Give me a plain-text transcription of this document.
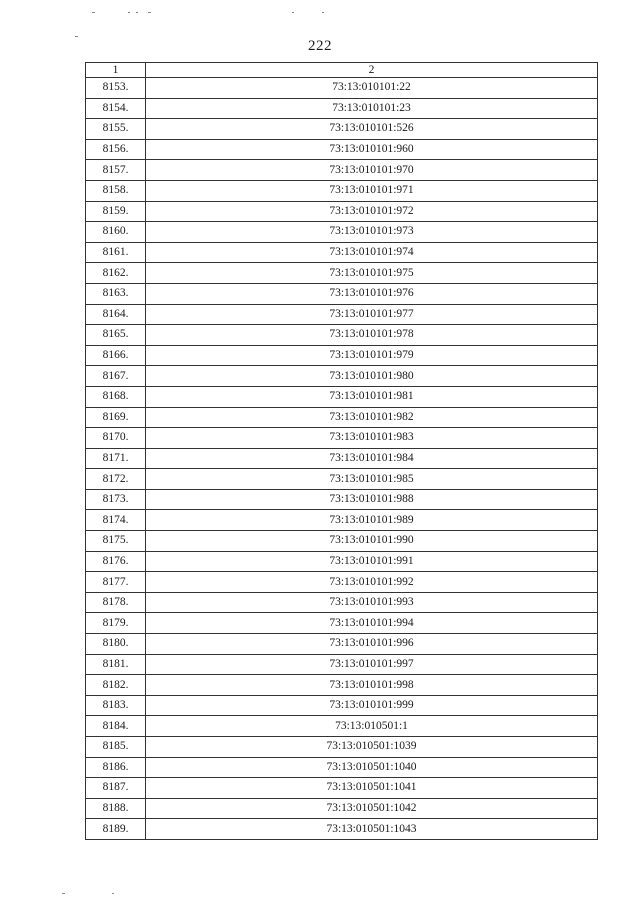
222
1	2
8153.	73:13:010101:22
8154.	73:13:010101:23
8155.	73:13:010101:526
8156.	73:13:010101:960
8157.	73:13:010101:970
8158.	73:13:010101:971
8159.	73:13:010101:972
8160.	73:13:010101:973
8161.	73:13:010101:974
8162.	73:13:010101:975
8163.	73:13:010101:976
8164.	73:13:010101:977
8165.	73:13:010101:978
8166.	73:13:010101:979
8167.	73:13:010101:980
8168.	73:13:010101:981
8169.	73:13:010101:982
8170.	73:13:010101:983
8171.	73:13:010101:984
8172.	73:13:010101:985
8173.	73:13:010101:988
8174.	73:13:010101:989
8175.	73:13:010101:990
8176.	73:13:010101:991
8177.	73:13:010101:992
8178.	73:13:010101:993
8179.	73:13:010101:994
8180.	73:13:010101:996
8181.	73:13:010101:997
8182.	73:13:010101:998
8183.	73:13:010101:999
8184.	73:13:010501:1
8185.	73:13:010501:1039
8186.	73:13:010501:1040
8187.	73:13:010501:1041
8188.	73:13:010501:1042
8189.	73:13:010501:1043
